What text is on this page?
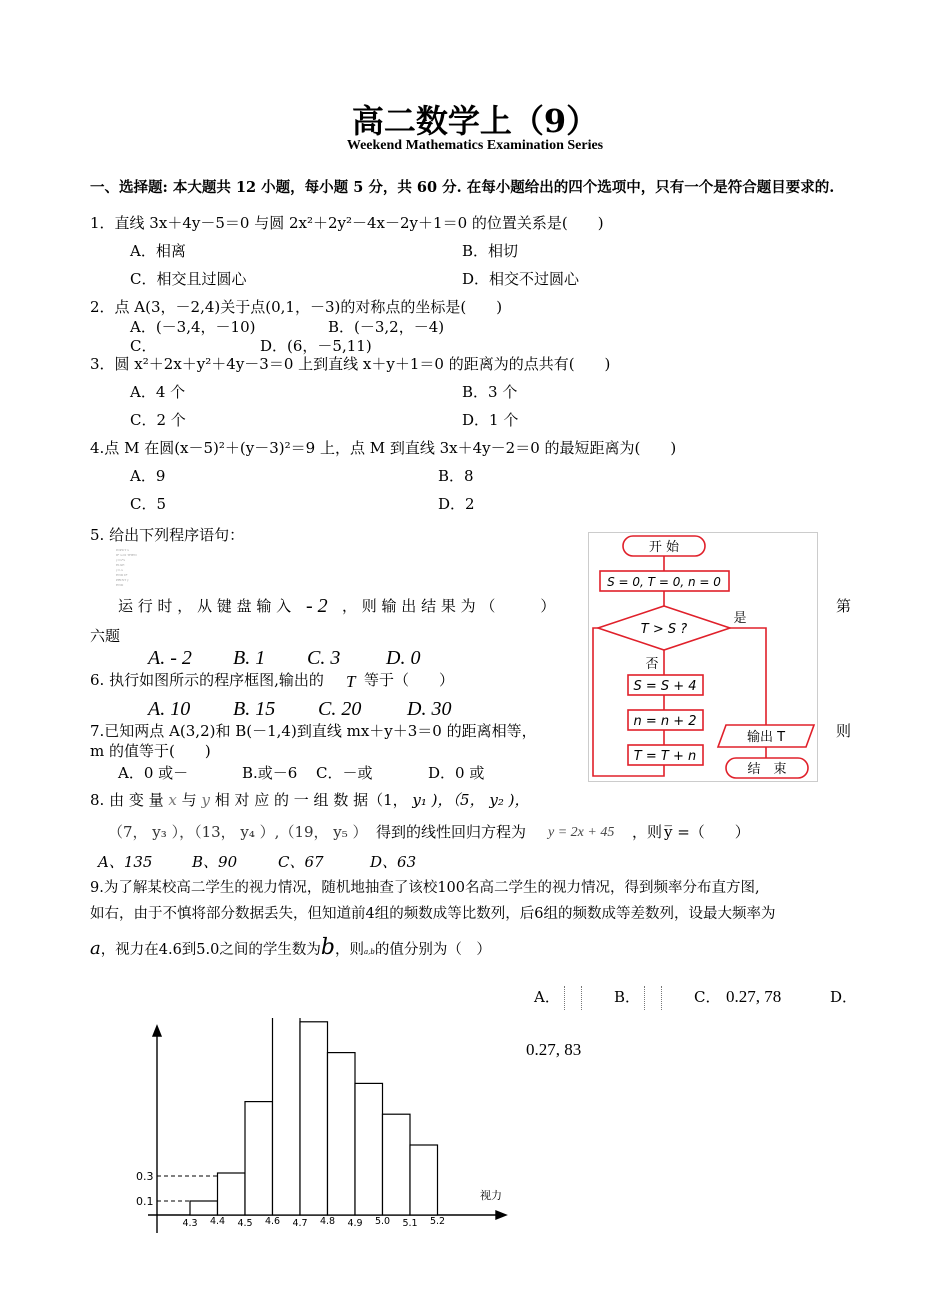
高二数学上（9）
Weekend Mathematics Examination Series
一、选择题: 本大题共 12 小题，每小题 5 分，共 60 分. 在每小题给出的四个选项中，只有一个是符合题目要求的.
1．直线 3x＋4y－5＝0 与圆 2x²＋2y²－4x－2y＋1＝0 的位置关系是(　　)
A．相离	B．相切
C．相交且过圆心	D．相交不过圆心
2．点 A(3，－2,4)关于点(0,1，－3)的对称点的坐标是(　　)
A．(－3,4，－10)	B．(－3,2，－4)
C．	D．(6，－5,11)
3．圆 x²＋2x＋y²＋4y－3＝0 上到直线 x＋y＋1＝0 的距离为的点共有(　　)
A．4 个	B．3 个
C．2 个	D．1 个
4.点 M 在圆(x－5)²＋(y－3)²＝9 上，点 M 到直线 3x＋4y－2＝0 的最短距离为(　　)
A．9	B．8
C．5	D．2
5. 给出下列程序语句：
INPUT x
IF x<0 THEN
y=x*x
ELSE
y=-x
END IF
PRINT y
END
运 行 时 ， 从 键 盘 输 入 - 2 ， 则 输 出 结 果 为 （　　　）	第
六题
A. - 2 B. 1 C. 3 D. 0
6. 执行如图所示的程序框图,输出的 T 等于（　　）
A. 10 B. 15 C. 20 D. 30
7.已知两点 A(3,2)和 B(－1,4)到直线 mx＋y＋3＝0 的距离相等，	则
m 的值等于(　　)
A．0 或－	B.或－6 C．－或	D．0 或
8. 由 变 量 x 与 y 相 对 应 的 一 组 数 据（1， y₁ )，（5， y₂ )，
（7， y₃ ），（13， y₄ ）,（19， y₅ ） 得到的线性回归方程为 y = 2x + 45 ，则 y̅ =（　　）
A、135	B、90	C、67	D、63
9.为了解某校高二学生的视力情况，随机地抽查了该校100名高二学生的视力情况，得到频率分布直方图,
如右，由于不慎将部分数据丢失，但知道前4组的频数成等比数列，后6组的频数成等差数列，设最大频率为
a，视力在4.6到5.0之间的学生数为b，则a,b的值分别为（　）
A．	B．	C． 0.27, 78	D．
0.27, 83
开 始
S = 0, T = 0, n = 0
T > S ?
是
否
S = S + 4
n = n + 2
T = T + n
输出 T
结　束
0.3
0.1	视力
4.3 4.4 4.5 4.6 4.7 4.8 4.9 5.0 5.1 5.2
